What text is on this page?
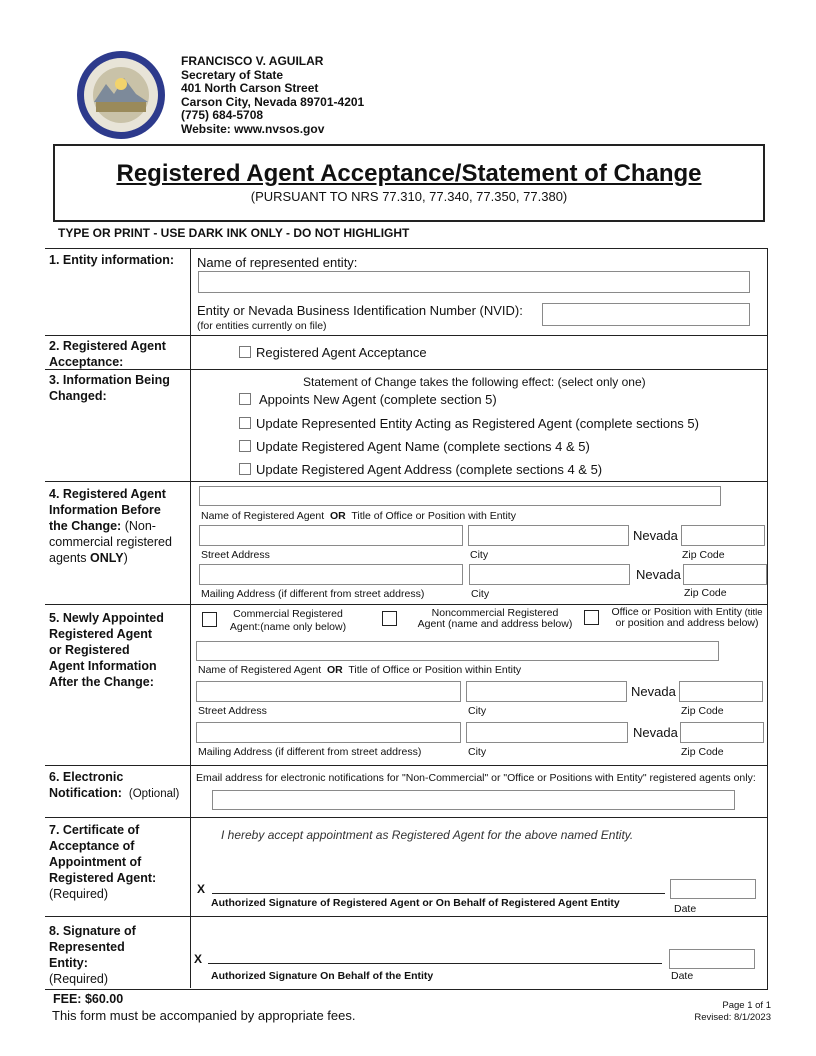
FRANCISCO V. AGUILAR
Secretary of State
401 North Carson Street
Carson City, Nevada 89701-4201
(775) 684-5708
Website: www.nvsos.gov
Registered Agent Acceptance/Statement of Change
(PURSUANT TO NRS 77.310, 77.340, 77.350, 77.380)
TYPE OR PRINT - USE DARK INK ONLY - DO NOT HIGHLIGHT
1. Entity information: Name of represented entity:
Entity or Nevada Business Identification Number (NVID):
(for entities currently on file)
2. Registered Agent
Acceptance:
Registered Agent Acceptance
3. Information Being
Changed:
Statement of Change takes the following effect: (select only one)
Appoints New Agent (complete section 5)
Update Represented Entity Acting as Registered Agent (complete sections 5)
Update Registered Agent Name (complete sections 4 & 5)
Update Registered Agent Address (complete sections 4 & 5)
4. Registered Agent
Information Before
the Change: (Non-
commercial registered
agents ONLY)
Name of Registered Agent OR Title of Office or Position with Entity
Nevada
Street Address	City	Zip Code
Nevada
Mailing Address (if different from street address)	City	Zip Code
5. Newly Appointed
Registered Agent
or Registered
Agent Information
After the Change:
Commercial Registered
Agent:(name only below)
Noncommercial Registered
Agent (name and address below)
Office or Position with Entity (title
or position and address below)
Name of Registered Agent OR Title of Office or Position within Entity
Nevada
Street Address	City	Zip Code
Nevada
Mailing Address (if different from street address)	City	Zip Code
6. Electronic
Notification: (Optional)
Email address for electronic notifications for "Non-Commercial" or "Office or Positions with Entity" registered agents only:
7. Certificate of
Acceptance of
Appointment of
Registered Agent:
(Required)
I hereby accept appointment as Registered Agent for the above named Entity.
X
Authorized Signature of Registered Agent or On Behalf of Registered Agent Entity	Date
8. Signature of
Represented
Entity:
(Required)
X
Authorized Signature On Behalf of the Entity	Date
FEE: $60.00
This form must be accompanied by appropriate fees.
Page 1 of 1
Revised: 8/1/2023
